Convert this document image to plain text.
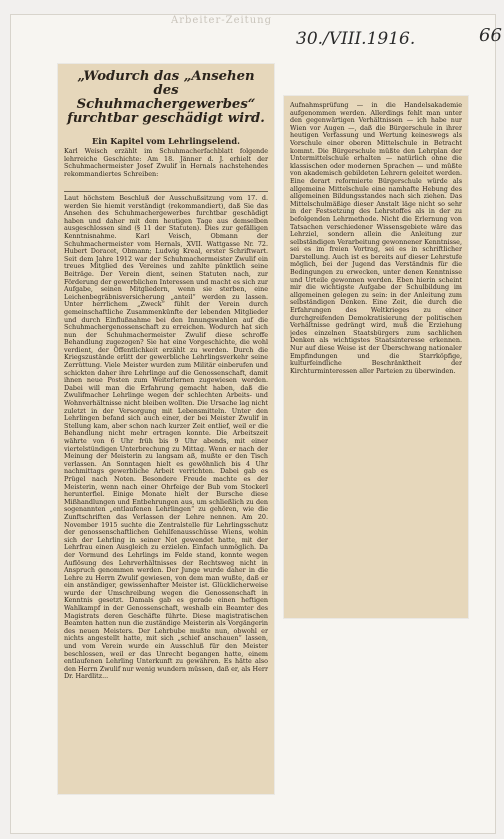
Arbeiter-Zeitung
30./VIII.1916.	66
„Wodurch das „Ansehen des Schuhmachergewerbes“ furchtbar geschädigt wird.
Ein Kapitel vom Lehrlingselend.
Karl Weisch erzählt im Schuhmacherfachblatt folgende lehrreiche Geschichte: Am 18. Jänner d. J. erhielt der Schuhmachermeister Josef Zwulif in Hernals nachstehendes rekommandiertes Schreiben:
Laut höchstem Beschluß der Ausschußsitzung vom 17. d. werden Sie hiemit verständigt (rekommandiert), daß Sie das Ansehen des Schuhmachergewerbes furchtbar geschädigt haben und daher mit dem heutigen Tage aus demselben ausgeschlossen sind (§ 11 der Statuten). Dies zur gefälligen Kenntnisnahme. Karl Veisch, Obmann der Schuhmachermeister vom Hernals, XVII. Wattgasse Nr. 72. Hubert Doracet, Obmann; Ludwig Kreal, erster Schriftwart. Seit dem Jahre 1912 war der Schuhmachermeister Zwulif ein treues Mitglied des Vereines und zahlte pünktlich seine Beiträge. Der Verein dient, seinen Statuten nach, zur Förderung der gewerblichen Interessen und macht es sich zur Aufgabe, seinen Mitgliedern, wenn sie sterben, eine Leichenbegräbnisversicherung „anteil“ werden zu lassen. Unter herrlichem „Zweck“ fühlt der Verein durch gemeinschaftliche Zusammenkünfte der lebenden Mitglieder und durch Einflußnahme bei den Innungswahlen auf die Schuhmachergenossenschaft zu erreichen. Wodurch hat sich nun der Schuhmachermeister Zwulif diese schroffe Behandlung zugezogen? Sie hat eine Vorgeschichte, die wohl verdient, der Öffentlichkeit erzählt zu werden. Durch die Kriegszustände erlitt der gewerbliche Lehrlingsverkehr seine Zerrüttung. Viele Meister wurden zum Militär einberufen und schickten daher ihre Lehrlinge auf die Genossenschaft, damit ihnen neue Posten zum Weiterlernen zugewiesen werden. Dabei will man die Erfahrung gemacht haben, daß die Zwulifmacher Lehrlinge wegen der schlechten Arbeits- und Wohnverhältnisse nicht bleiben wollten. Die Ursache lag nicht zuletzt in der Versorgung mit Lebensmitteln. Unter den Lehrlingen befand sich auch einer, der bei Meister Zwulif in Stellung kam, aber schon nach kurzer Zeit entlief, weil er die Behandlung nicht mehr ertragen konnte. Die Arbeitszeit währte von 6 Uhr früh bis 9 Uhr abends, mit einer viertelstündigen Unterbrechung zu Mittag. Wenn er nach der Meinung der Meisterin zu langsam aß, mußte er den Tisch verlassen. An Sonntagen hielt es gewöhnlich bis 4 Uhr nachmittags gewerbliche Arbeit verrichten. Dabei gab es Prügel nach Noten. Besondere Freude machte es der Meisterin, wenn nach einer Ohrfeige der Bub vom Stockerl herunterfiel. Einige Monate hielt der Bursche diese Mißhandlungen und Entbehrungen aus, um schließlich zu den sogenannten „entlaufenen Lehrlingen“ zu gehören, wie die Zunftschriften das Verlassen der Lehre nennen. Am 20. November 1915 suchte die Zentralstelle für Lehrlingsschutz der genossenschaftlichen Gehilfenausschüsse Wiens, wohin sich der Lehrling in seiner Not gewendet hatte, mit der Lehrfrau einen Ausgleich zu erzielen. Einfach unmöglich. Da der Vormund des Lehrlings im Felde stand, konnte wegen Auflösung des Lehrverhältnisses der Rechtsweg nicht in Anspruch genommen werden. Der Junge wurde daher in die Lehre zu Herrn Zwulif gewiesen, von dem man wußte, daß er ein anständiger, gewissenhafter Meister ist. Glücklicherweise wurde der Umschreibung wegen die Genossenschaft in Kenntnis gesetzt. Damals gab es gerade einen heftigen Wahlkampf in der Genossenschaft, weshalb ein Beamter des Magistrats deren Geschäfte führte. Diese magistratischen Beamten hatten nun die zuständige Meisterin als Vorgängerin des neuen Meisters. Der Lehrbube mußte nun, obwohl er nichts angestellt hatte, mit sich „schief anschauen“ lassen, und vom Verein wurde ein Ausschluß für den Meister beschlossen, weil er das Unrecht begangen hatte, einem entlaufenen Lehrling Unterkunft zu gewähren. Es hätte also den Herrn Zwulif nur wenig wundern müssen, daß er, als Herr Dr. Hardlitz...
Aufnahmsprüfung — in die Handelsakademie aufgenommen werden. Allerdings fehlt man unter den gegenwärtigen Verhältnissen — ich habe nur Wien vor Augen —, daß die Bürgerschule in ihrer heutigen Verfassung und Wertung keineswegs als Vorschule einer oberen Mittelschule in Betracht kommt. Die Bürgerschule müßte den Lehrplan der Untermittelschule erhalten — natürlich ohne die klassischen oder modernen Sprachen — und müßte von akademisch gebildeten Lehrern geleitet werden. Eine derart reformierte Bürgerschule würde als allgemeine Mittelschule eine namhafte Hebung des allgemeinen Bildungsstandes nach sich ziehen. Das Mittelschulmäßige dieser Anstalt läge nicht so sehr in der Festsetzung des Lehrstoffes als in der zu befolgenden Lehrmethode. Nicht die Erlernung von Tatsachen verschiedener Wissensgebiete wäre das Lehrziel, sondern allein die Anleitung zur selbständigen Verarbeitung gewonnener Kenntnisse, sei es im freien Vortrag, sei es in schriftlicher Darstellung. Auch ist es bereits auf dieser Lehrstufe möglich, bei der Jugend das Verständnis für die Bedingungen zu erwecken, unter denen Kenntnisse und Urteile gewonnen werden. Eben hierin scheint mir die wichtigste Aufgabe der Schulbildung im allgemeinen gelegen zu sein: in der Anleitung zum selbständigen Denken. Eine Zeit, die durch die Erfahrungen des Weltkrieges zu einer durchgreifenden Demokratisierung der politischen Verhältnisse gedrängt wird, muß die Erziehung jedes einzelnen Staatsbürgers zum sachlichen Denken als wichtigstes Staatsinteresse erkennen. Nur auf diese Weise ist der Überschwang nationaler Empfindungen und die Starrköpfige, kulturfeindliche Beschränktheit der Kirchturminteressen aller Parteien zu überwinden.
